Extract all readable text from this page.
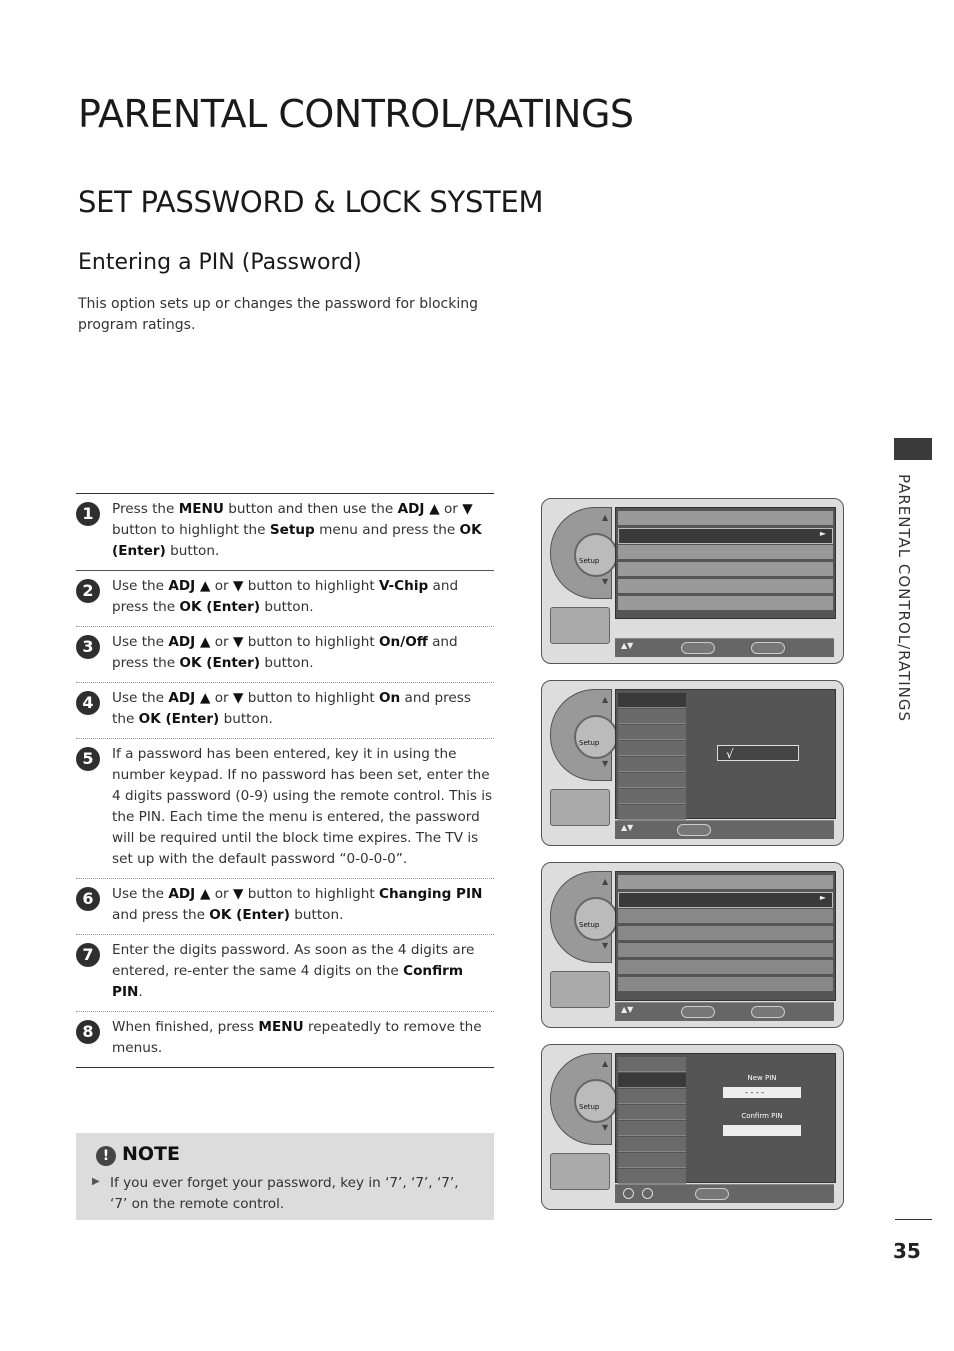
PARENTAL CONTROL/RATINGS
SET PASSWORD & LOCK SYSTEM
Entering a PIN (Password)
This option sets up or changes the password for blocking program ratings.
PARENTAL CONTROL/RATINGS
35
1	Press the MENU button and then use the ADJ ▲ or ▼ button to highlight the Setup menu and press the OK (Enter) button.
2	Use the ADJ ▲ or ▼ button to highlight V-Chip and press the OK (Enter) button.
3	Use the ADJ ▲ or ▼ button to highlight On/Off and press the OK (Enter) button.
4	Use the ADJ ▲ or ▼ button to highlight On and press the OK (Enter) button.
5	If a password has been entered, key it in using the number keypad. If no password has been set, enter the 4 digits password (0-9) using the remote control. This is the PIN. Each time the menu is entered, the password will be required until the block time expires. The TV is set up with the default password “0-0-0-0”.
6	Use the ADJ ▲ or ▼ button to highlight Changing PIN and press the OK (Enter) button.
7	Enter the digits password. As soon as the 4 digits are entered, re-enter the same 4 digits on the Confirm PIN.
8	When finished, press MENU repeatedly to remove the menus.
! NOTE
▶ If you ever forget your password, key in ‘7’, ‘7’, ‘7’, ‘7’ on the remote control.
Setup
▲
▼
►
▲▼
Setup
▲
▼
√
▲▼
Setup
▲
▼
►
▲▼
Setup
▲
▼
New PIN
- - - -
Confirm PIN
